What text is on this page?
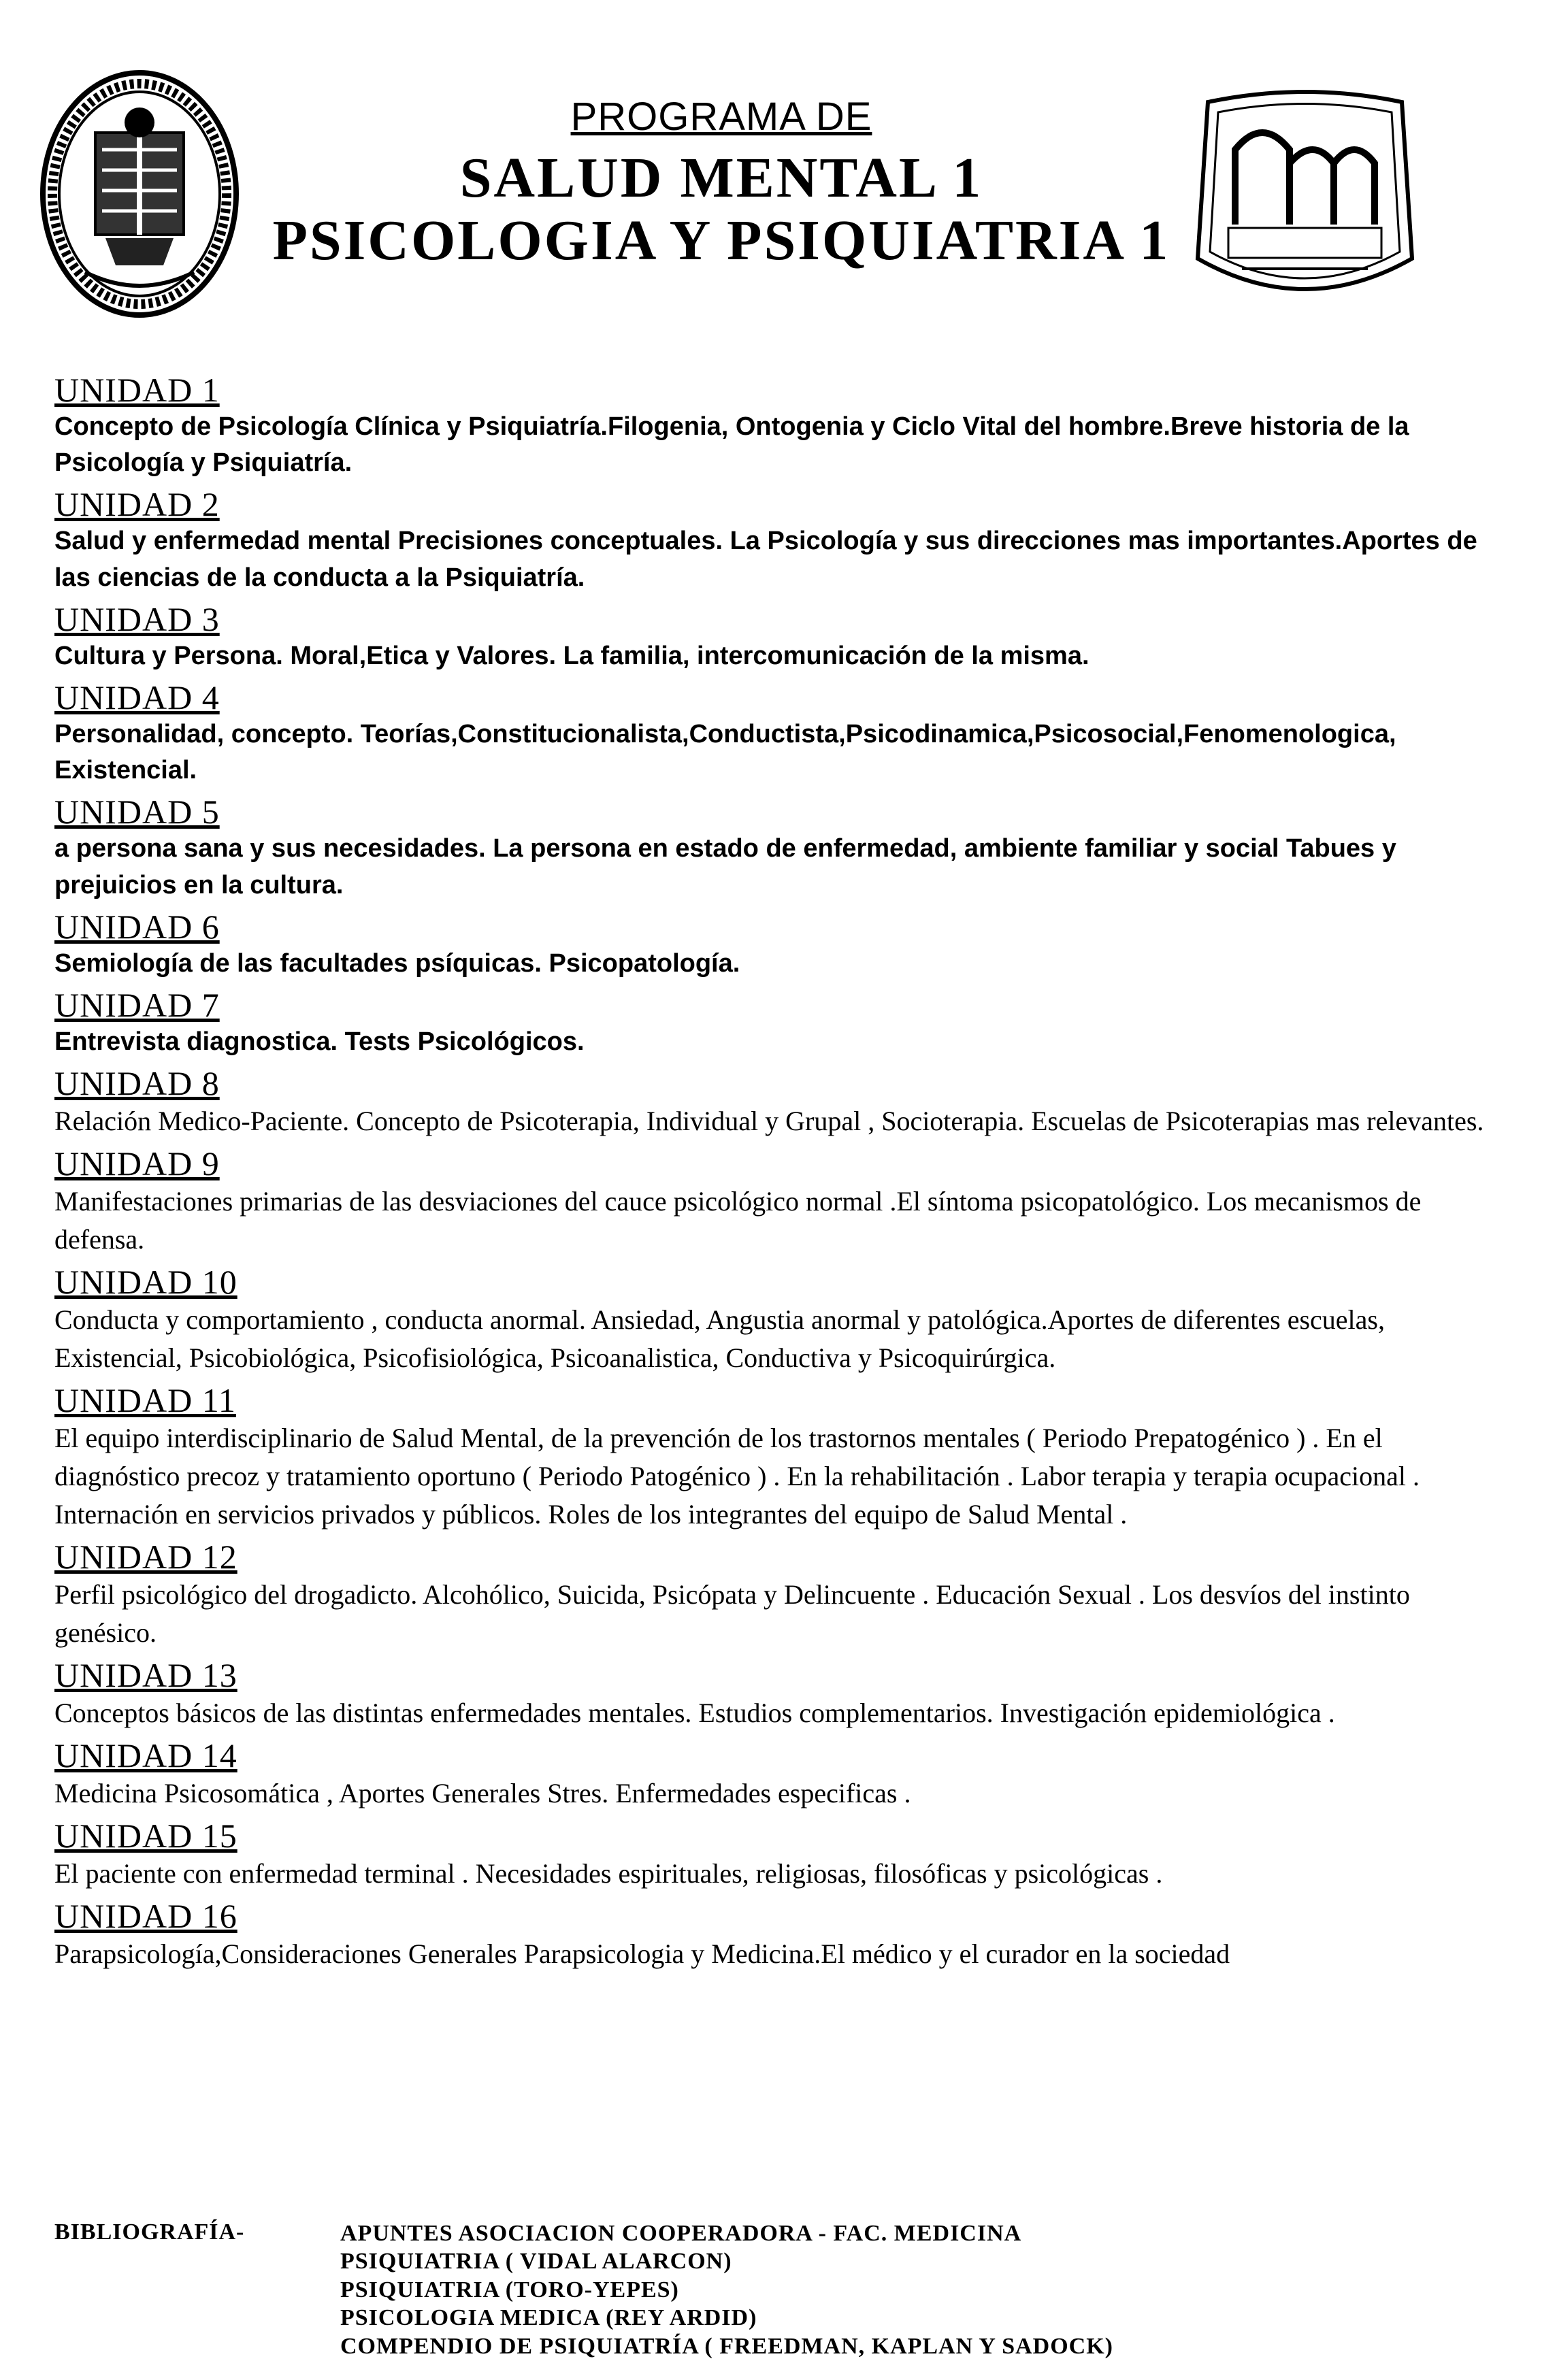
PROGRAMA DE
SALUD MENTAL 1
PSICOLOGIA Y PSIQUIATRIA 1
UNIDAD 1
Concepto de Psicología Clínica y Psiquiatría.Filogenia, Ontogenia y Ciclo Vital del hombre.Breve historia de la Psicología y Psiquiatría.
UNIDAD 2
Salud y enfermedad mental Precisiones conceptuales. La Psicología y sus direcciones mas importantes.Aportes de las ciencias de la conducta a la Psiquiatría.
UNIDAD 3
Cultura y Persona. Moral,Etica y Valores. La familia, intercomunicación de la misma.
UNIDAD 4
Personalidad, concepto. Teorías,Constitucionalista,Conductista,Psicodinamica,Psicosocial,Fenomenologica, Existencial.
UNIDAD 5
a persona sana y sus necesidades. La persona en estado de enfermedad, ambiente familiar y social Tabues y prejuicios en la cultura.
UNIDAD 6
Semiología de las facultades psíquicas. Psicopatología.
UNIDAD 7
Entrevista diagnostica. Tests Psicológicos.
UNIDAD 8
Relación Medico-Paciente. Concepto de Psicoterapia, Individual y Grupal , Socioterapia. Escuelas de Psicoterapias mas relevantes.
UNIDAD 9
Manifestaciones primarias de las desviaciones del cauce psicológico normal .El síntoma psicopatológico. Los mecanismos de defensa.
UNIDAD 10
Conducta y comportamiento , conducta anormal. Ansiedad, Angustia anormal y patológica.Aportes de diferentes escuelas, Existencial, Psicobiológica, Psicofisiológica, Psicoanalistica, Conductiva y Psicoquirúrgica.
UNIDAD 11
El equipo interdisciplinario de Salud Mental, de la prevención de los trastornos mentales ( Periodo Prepatogénico ) . En el diagnóstico precoz y tratamiento oportuno ( Periodo Patogénico ) . En la rehabilitación . Labor terapia y terapia ocupacional . Internación en servicios privados y públicos. Roles de los integrantes del equipo de Salud Mental .
UNIDAD 12
Perfil psicológico del drogadicto. Alcohólico, Suicida, Psicópata y Delincuente . Educación Sexual . Los desvíos del instinto genésico.
UNIDAD 13
Conceptos básicos de las distintas enfermedades mentales. Estudios complementarios. Investigación epidemiológica .
UNIDAD 14
Medicina Psicosomática , Aportes Generales Stres. Enfermedades especificas .
UNIDAD 15
El paciente con enfermedad terminal . Necesidades espirituales, religiosas, filosóficas y psicológicas .
UNIDAD 16
Parapsicología,Consideraciones Generales Parapsicologia y Medicina.El médico y el curador en la sociedad
BIBLIOGRAFÍA-	APUNTES ASOCIACION COOPERADORA - FAC. MEDICINA
PSIQUIATRIA ( VIDAL ALARCON)
PSIQUIATRIA (TORO-YEPES)
PSICOLOGIA MEDICA (REY ARDID)
COMPENDIO DE PSIQUIATRÍA ( FREEDMAN, KAPLAN Y SADOCK)
